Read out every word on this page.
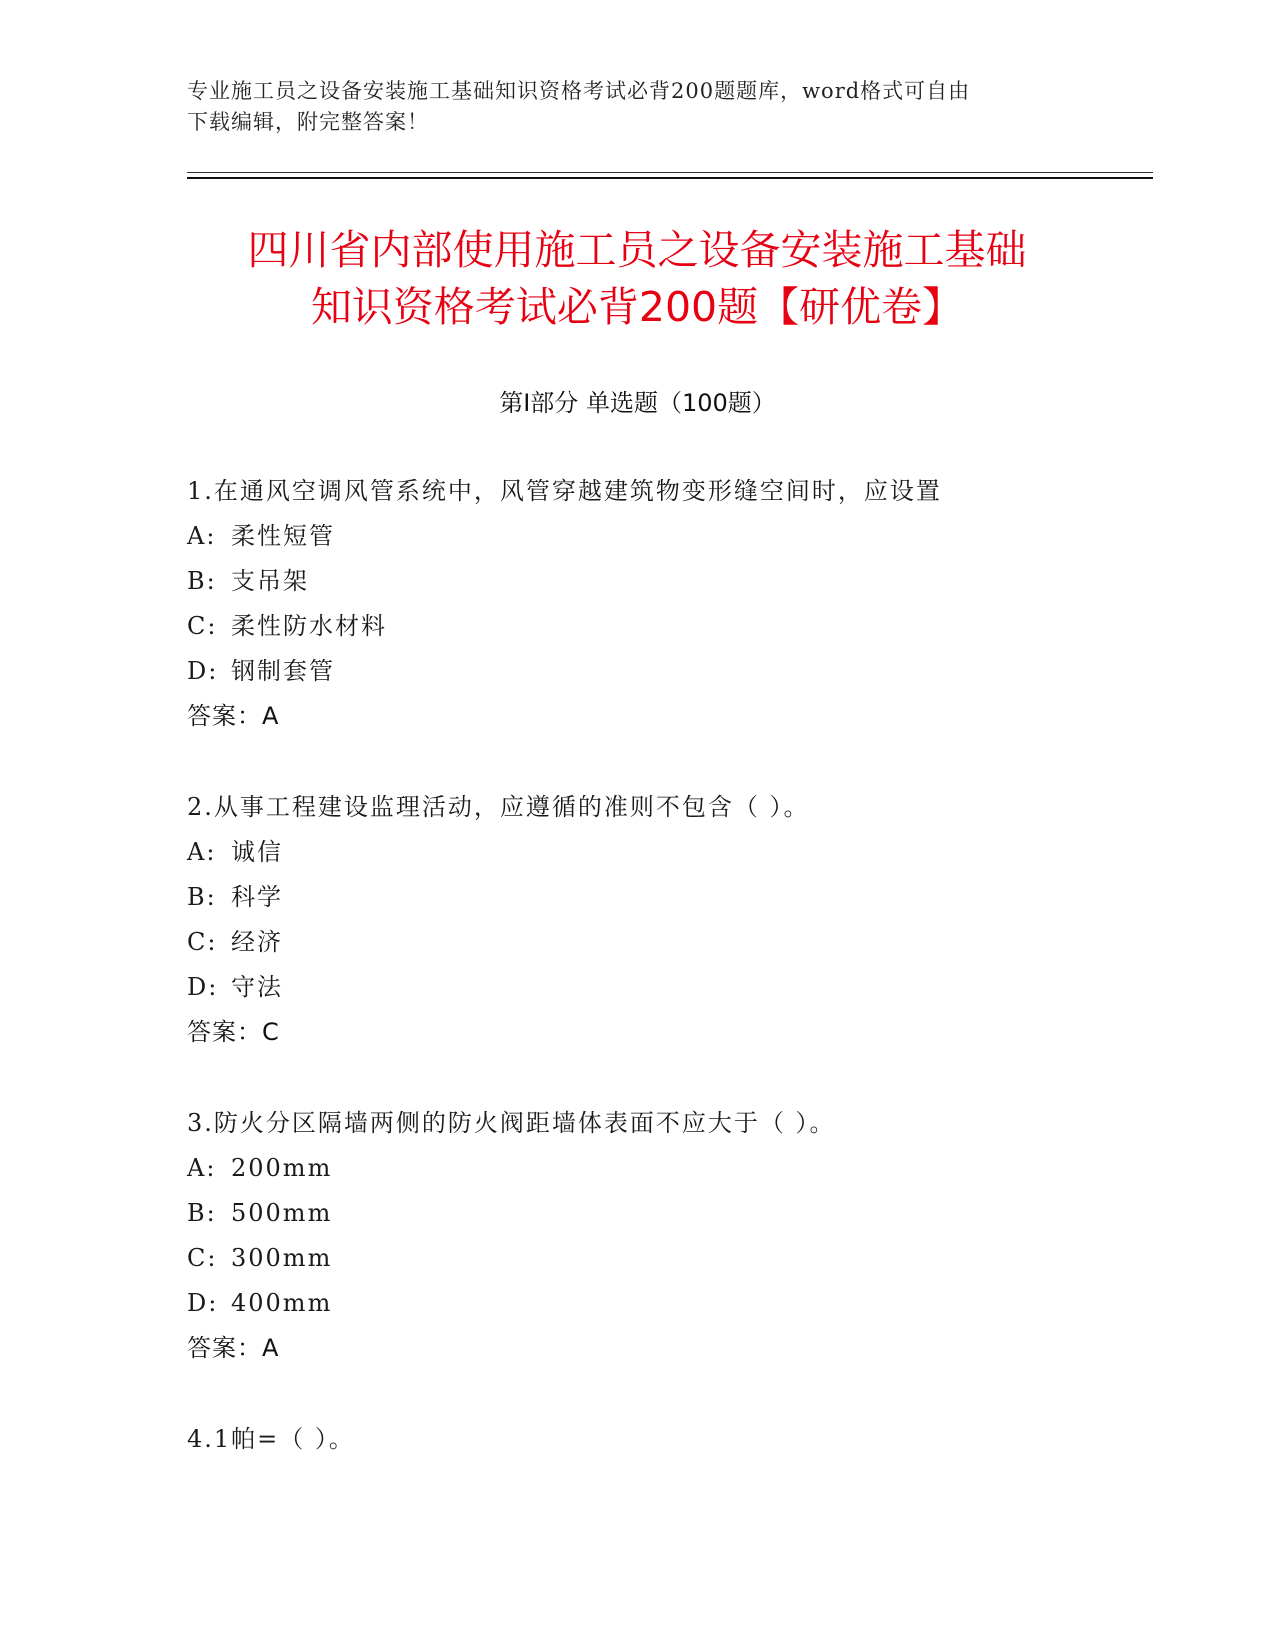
专业施工员之设备安装施工基础知识资格考试必背200题题库，word格式可自由
下载编辑，附完整答案！
四川省内部使用施工员之设备安装施工基础
知识资格考试必背200题【研优卷】
第Ⅰ部分 单选题（100题）
1.在通风空调风管系统中，风管穿越建筑物变形缝空间时，应设置
A: 柔性短管
B: 支吊架
C: 柔性防水材料
D: 钢制套管
答案：A
2.从事工程建设监理活动，应遵循的准则不包含（ ）。
A: 诚信
B: 科学
C: 经济
D: 守法
答案：C
3.防火分区隔墙两侧的防火阀距墙体表面不应大于（ ）。
A: 200mm
B: 500mm
C: 300mm
D: 400mm
答案：A
4.1帕=（ ）。
